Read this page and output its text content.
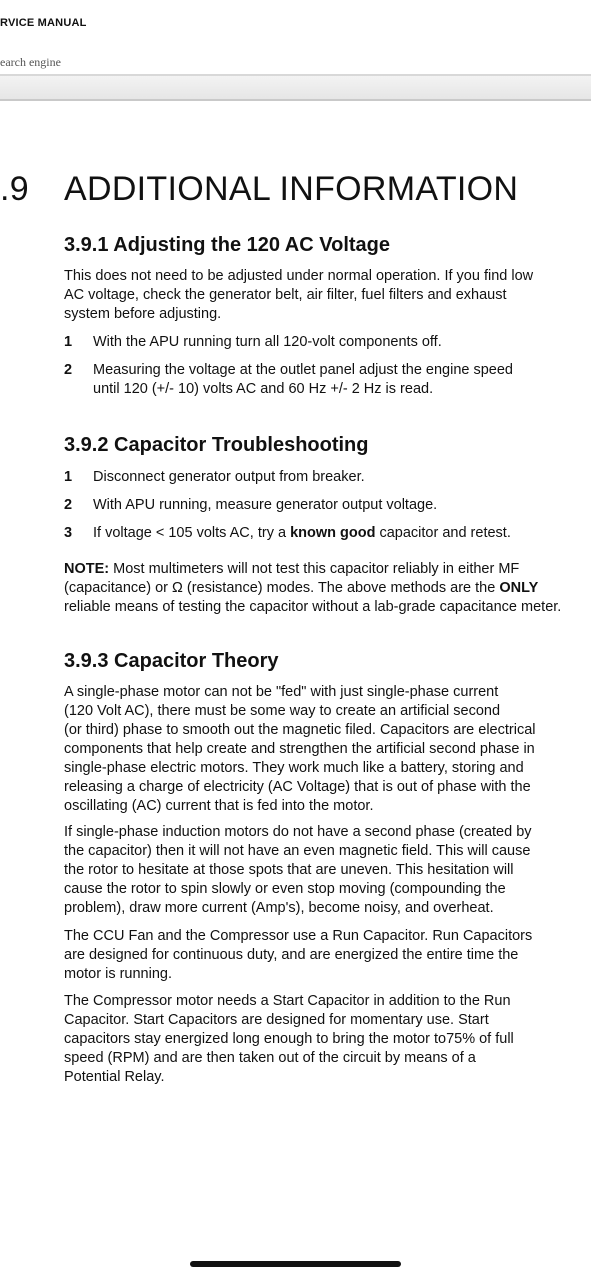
RVICE MANUAL
earch engine
.9 ADDITIONAL INFORMATION
3.9.1 Adjusting the 120 AC Voltage
This does not need to be adjusted under normal operation. If you find low
AC voltage, check the generator belt, air filter, fuel filters and exhaust
system before adjusting.
1 With the APU running turn all 120-volt components off.
2 Measuring the voltage at the outlet panel adjust the engine speed
until 120 (+/- 10) volts AC and 60 Hz +/- 2 Hz is read.
3.9.2 Capacitor Troubleshooting
1 Disconnect generator output from breaker.
2 With APU running, measure generator output voltage.
3 If voltage < 105 volts AC, try a known good capacitor and retest.
NOTE: Most multimeters will not test this capacitor reliably in either MF
(capacitance) or Ω (resistance) modes. The above methods are the ONLY
reliable means of testing the capacitor without a lab-grade capacitance meter.
3.9.3 Capacitor Theory
A single-phase motor can not be "fed" with just single-phase current
(120 Volt AC), there must be some way to create an artificial second
(or third) phase to smooth out the magnetic filed. Capacitors are electrical
components that help create and strengthen the artificial second phase in
single-phase electric motors. They work much like a battery, storing and
releasing a charge of electricity (AC Voltage) that is out of phase with the
oscillating (AC) current that is fed into the motor.
If single-phase induction motors do not have a second phase (created by
the capacitor) then it will not have an even magnetic field. This will cause
the rotor to hesitate at those spots that are uneven. This hesitation will
cause the rotor to spin slowly or even stop moving (compounding the
problem), draw more current (Amp's), become noisy, and overheat.
The CCU Fan and the Compressor use a Run Capacitor. Run Capacitors
are designed for continuous duty, and are energized the entire time the
motor is running.
The Compressor motor needs a Start Capacitor in addition to the Run
Capacitor. Start Capacitors are designed for momentary use. Start
capacitors stay energized long enough to bring the motor to75% of full
speed (RPM) and are then taken out of the circuit by means of a
Potential Relay.
